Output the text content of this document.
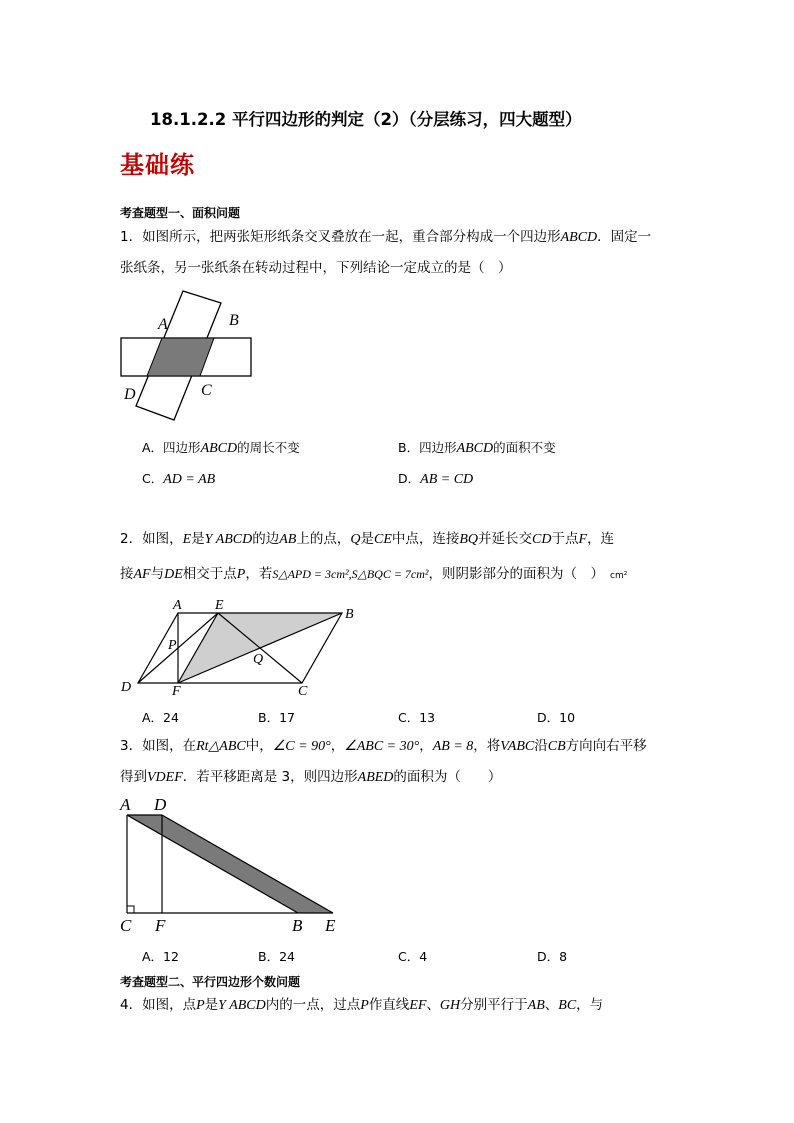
18.1.2.2 平行四边形的判定（2）（分层练习，四大题型）
基础练
考查题型一、面积问题
1．如图所示，把两张矩形纸条交叉叠放在一起，重合部分构成一个四边形ABCD．固定一
张纸条，另一张纸条在转动过程中，下列结论一定成立的是（　）
A	B
C
D
A．四边形ABCD的周长不变	B．四边形ABCD的面积不变
C．AD = AB	D．AB = CD
2．如图，E是Y ABCD的边AB上的点，Q是CE中点，连接BQ并延长交CD于点F，连
接AF与DE相交于点P，若S△APD = 3cm²,S△BQC = 7cm²，则阴影部分的面积为（　） cm²
A E
B
P
Q
D	F	C
A．24	B．17	C．13	D．10
3．如图，在Rt△ABC中，∠C = 90°，∠ABC = 30°，AB = 8，将VABC沿CB方向向右平移
得到VDEF．若平移距离是 3，则四边形ABED的面积为（　　）
A D
C F	B E
A．12	B．24	C．4	D．8
考查题型二、平行四边形个数问题
4．如图，点P是Y ABCD内的一点，过点P作直线EF、GH分别平行于AB、BC，与
